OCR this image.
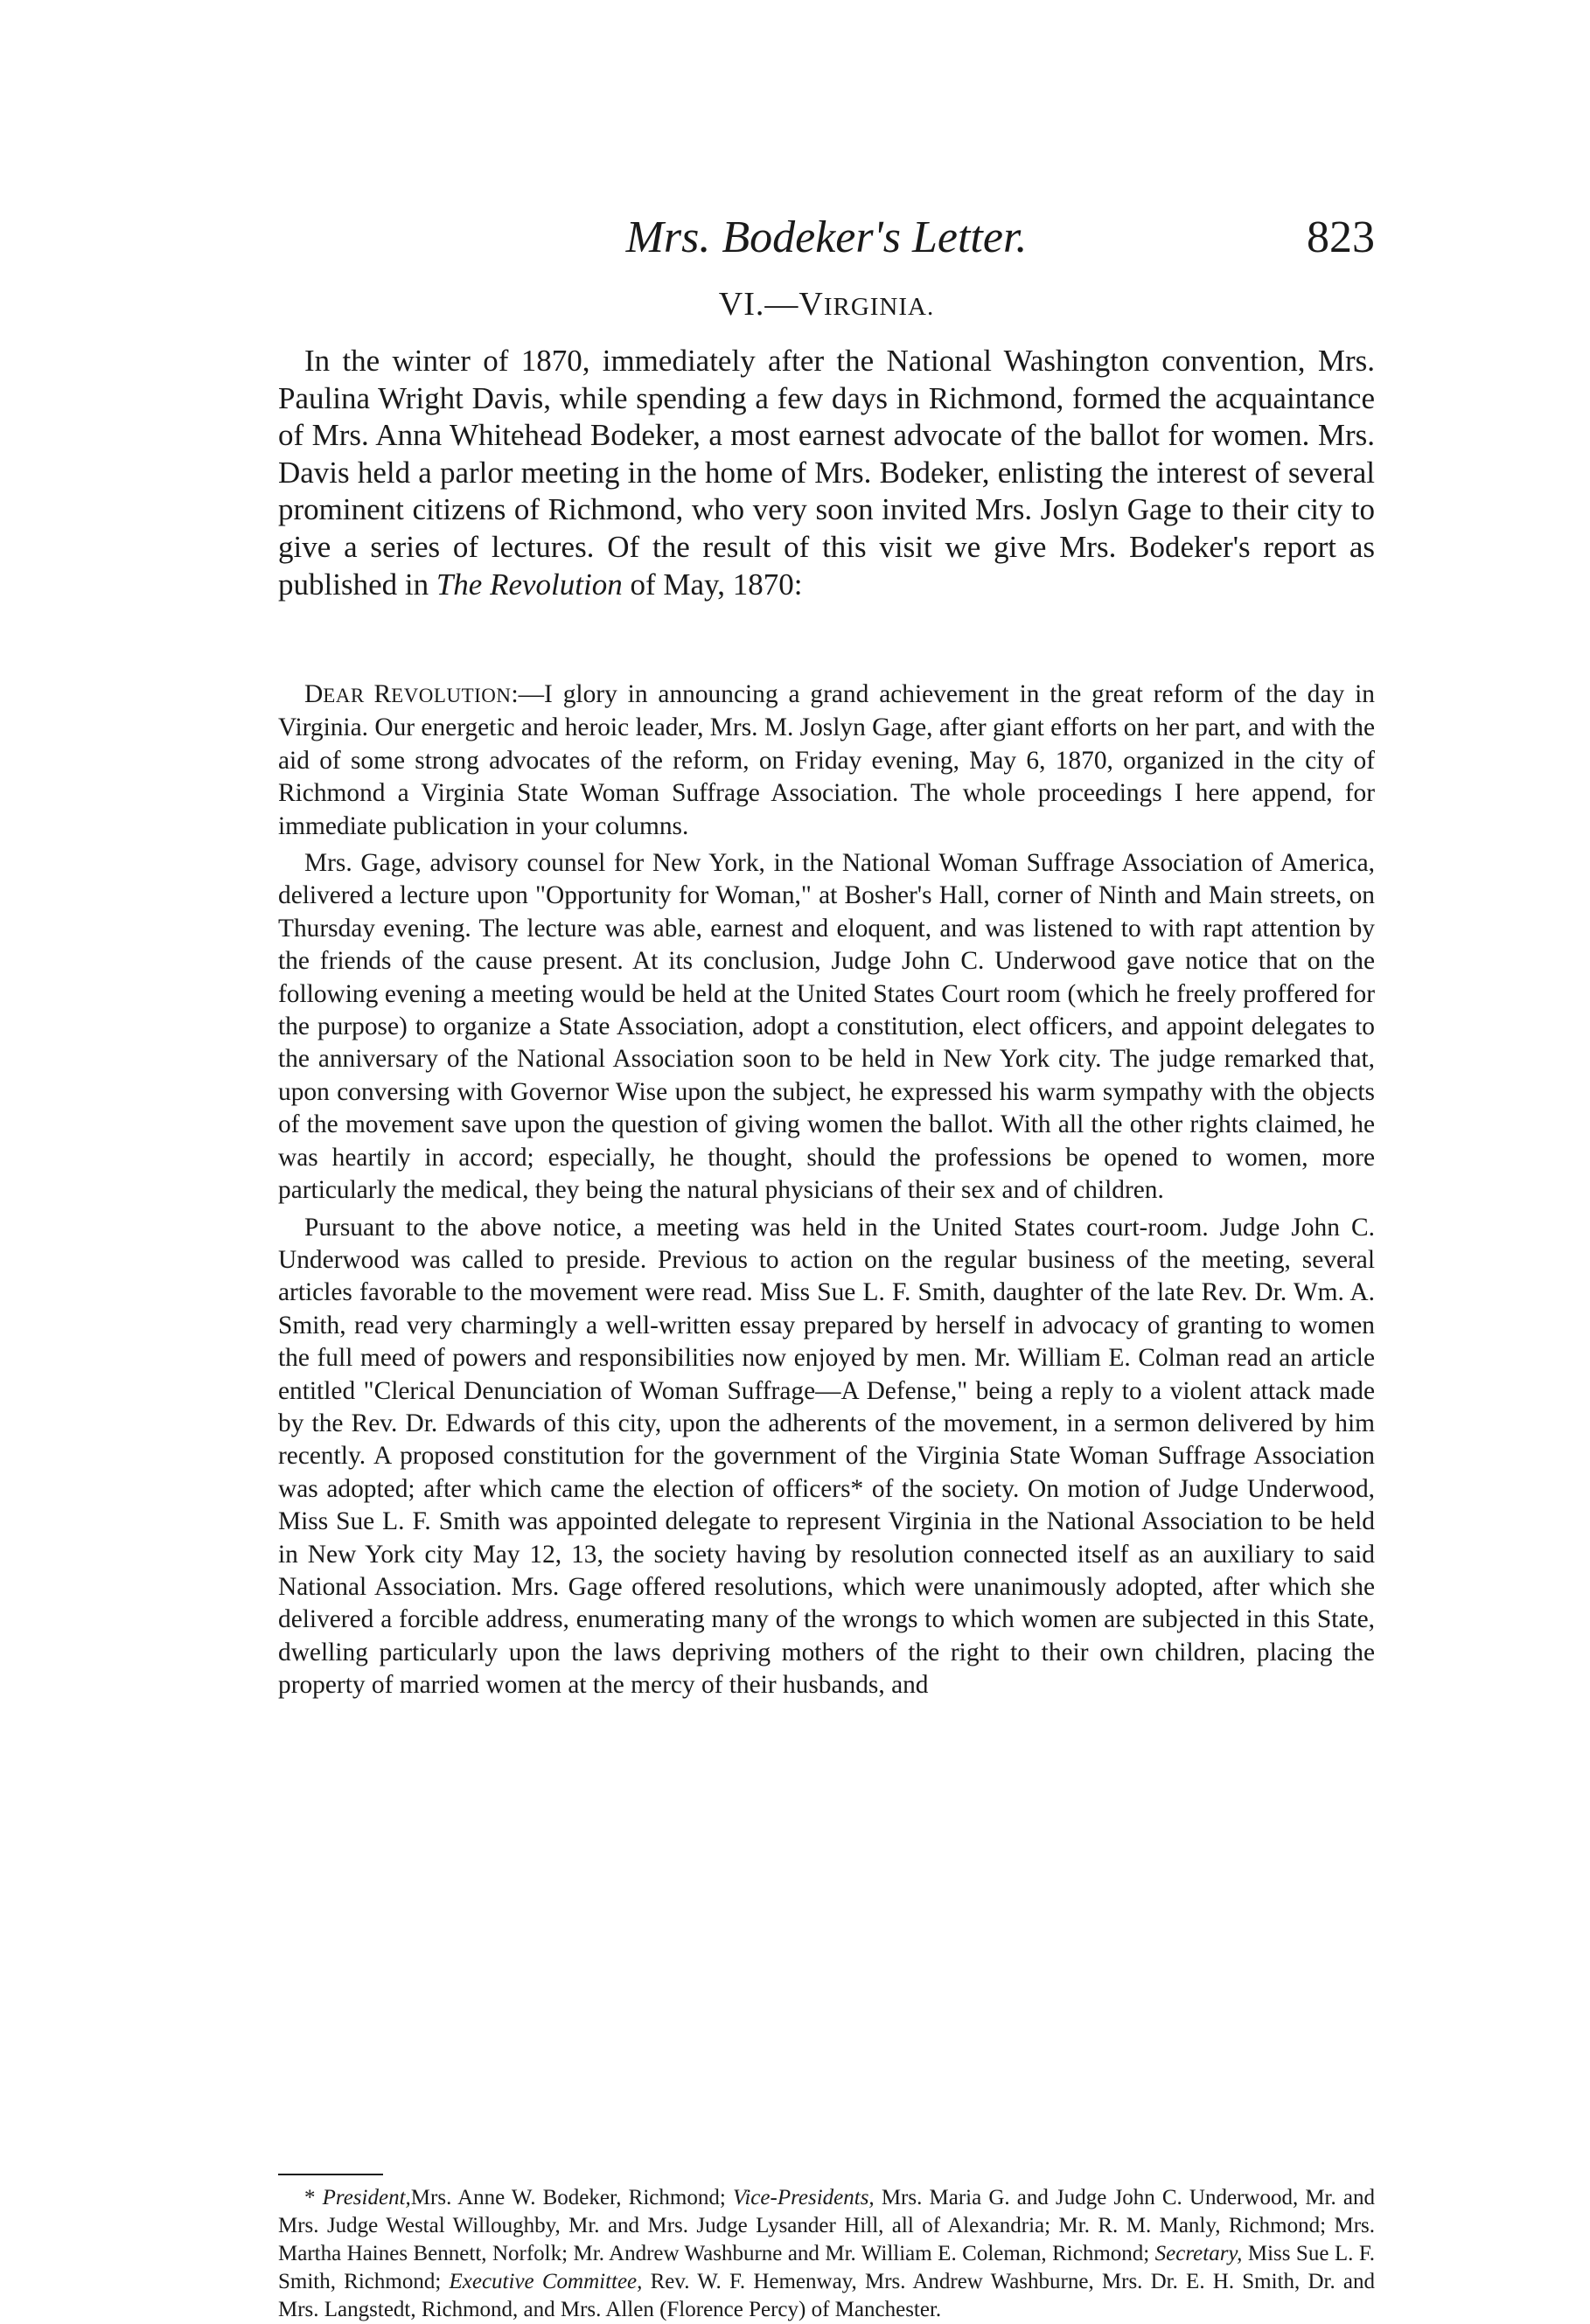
Mrs. Bodeker's Letter.	823
VI.—VIRGINIA.
In the winter of 1870, immediately after the National Washington convention, Mrs. Paulina Wright Davis, while spending a few days in Richmond, formed the acquaintance of Mrs. Anna Whitehead Bodeker, a most earnest advocate of the ballot for women. Mrs. Davis held a parlor meeting in the home of Mrs. Bodeker, enlisting the interest of several prominent citizens of Richmond, who very soon invited Mrs. Joslyn Gage to their city to give a series of lectures. Of the result of this visit we give Mrs. Bodeker's report as published in The Revolution of May, 1870:

DEAR REVOLUTION:—I glory in announcing a grand achievement in the great reform of the day in Virginia. Our energetic and heroic leader, Mrs. M. Joslyn Gage, after giant efforts on her part, and with the aid of some strong advocates of the reform, on Friday evening, May 6, 1870, organized in the city of Richmond a Virginia State Woman Suffrage Association. The whole proceedings I here append, for immediate publication in your columns.

Mrs. Gage, advisory counsel for New York, in the National Woman Suffrage Association of America, delivered a lecture upon "Opportunity for Woman," at Bosher's Hall, corner of Ninth and Main streets, on Thursday evening. The lecture was able, earnest and eloquent, and was listened to with rapt attention by the friends of the cause present. At its conclusion, Judge John C. Underwood gave notice that on the following evening a meeting would be held at the United States Court room (which he freely proffered for the purpose) to organize a State Association, adopt a constitution, elect officers, and appoint delegates to the anniversary of the National Association soon to be held in New York city. The judge remarked that, upon conversing with Governor Wise upon the subject, he expressed his warm sympathy with the objects of the movement save upon the question of giving women the ballot. With all the other rights claimed, he was heartily in accord; especially, he thought, should the professions be opened to women, more particularly the medical, they being the natural physicians of their sex and of children.

Pursuant to the above notice, a meeting was held in the United States court-room. Judge John C. Underwood was called to preside. Previous to action on the regular business of the meeting, several articles favorable to the movement were read. Miss Sue L. F. Smith, daughter of the late Rev. Dr. Wm. A. Smith, read very charmingly a well-written essay prepared by herself in advocacy of granting to women the full meed of powers and responsibilities now enjoyed by men. Mr. William E. Colman read an article entitled "Clerical Denunciation of Woman Suffrage—A Defense," being a reply to a violent attack made by the Rev. Dr. Edwards of this city, upon the adherents of the movement, in a sermon delivered by him recently. A proposed constitution for the government of the Virginia State Woman Suffrage Association was adopted; after which came the election of officers* of the society. On motion of Judge Underwood, Miss Sue L. F. Smith was appointed delegate to represent Virginia in the National Association to be held in New York city May 12, 13, the society having by resolution connected itself as an auxiliary to said National Association. Mrs. Gage offered resolutions, which were unanimously adopted, after which she delivered a forcible address, enumerating many of the wrongs to which women are subjected in this State, dwelling particularly upon the laws depriving mothers of the right to their own children, placing the property of married women at the mercy of their husbands, and

* President,Mrs. Anne W. Bodeker, Richmond; Vice-Presidents, Mrs. Maria G. and Judge John C. Underwood, Mr. and Mrs. Judge Westal Willoughby, Mr. and Mrs. Judge Lysander Hill, all of Alexandria; Mr. R. M. Manly, Richmond; Mrs. Martha Haines Bennett, Norfolk; Mr. Andrew Washburne and Mr. William E. Coleman, Richmond; Secretary, Miss Sue L. F. Smith, Richmond; Executive Committee, Rev. W. F. Hemenway, Mrs. Andrew Washburne, Mrs. Dr. E. H. Smith, Dr. and Mrs. Langstedt, Richmond, and Mrs. Allen (Florence Percy) of Manchester.
